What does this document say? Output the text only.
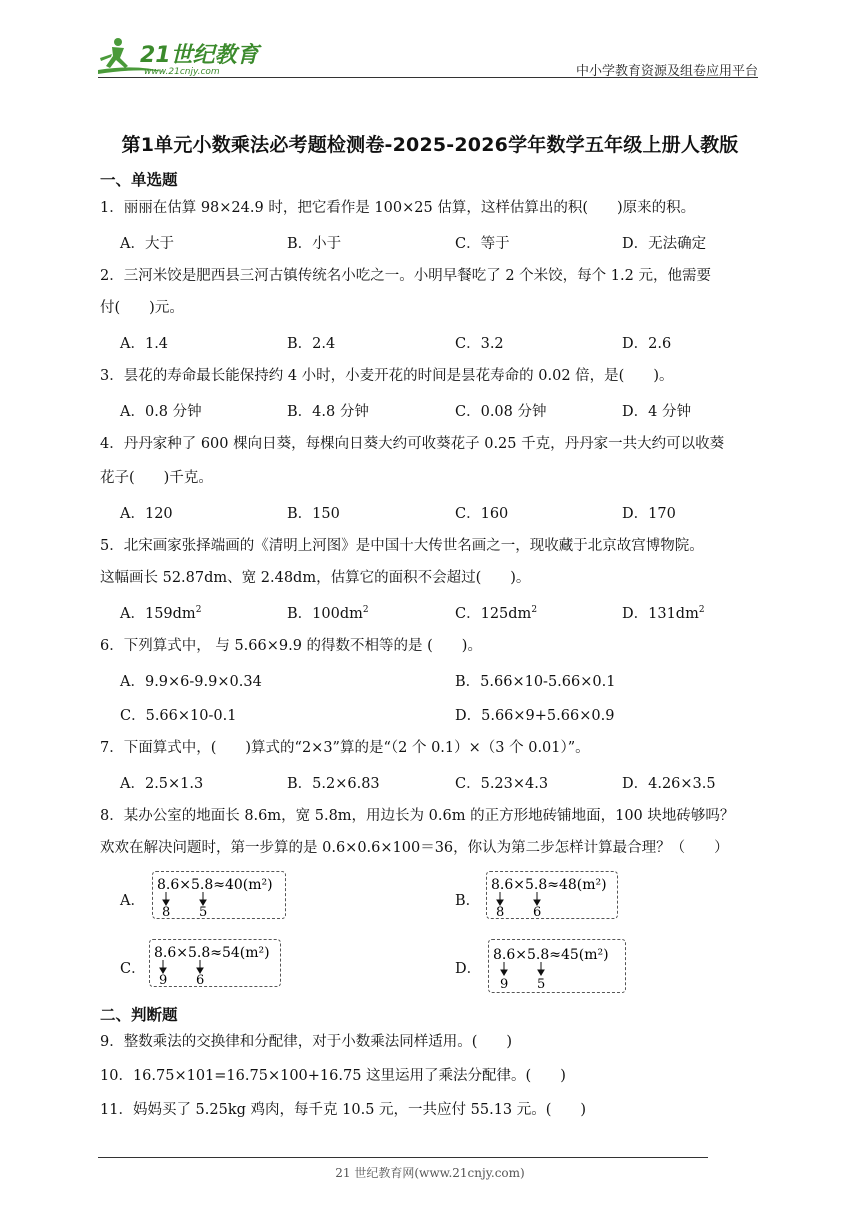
21世纪教育
www.21cnjy.com	中小学教育资源及组卷应用平台
第1单元小数乘法必考题检测卷-2025-2026学年数学五年级上册人教版
一、单选题
1．丽丽在估算 98×24.9 时，把它看作是 100×25 估算，这样估算出的积(　　)原来的积。
A．大于	B．小于	C．等于	D．无法确定
2．三河米饺是肥西县三河古镇传统名小吃之一。小明早餐吃了 2 个米饺，每个 1.2 元，他需要
付(　　)元。
A．1.4	B．2.4	C．3.2	D．2.6
3．昙花的寿命最长能保持约 4 小时，小麦开花的时间是昙花寿命的 0.02 倍，是(　　)。
A．0.8 分钟	B．4.8 分钟	C．0.08 分钟	D．4 分钟
4．丹丹家种了 600 棵向日葵，每棵向日葵大约可收葵花子 0.25 千克，丹丹家一共大约可以收葵
花子(　　)千克。
A．120	B．150	C．160	D．170
5．北宋画家张择端画的《清明上河图》是中国十大传世名画之一，现收藏于北京故宫博物院。
这幅画长 52.87dm、宽 2.48dm，估算它的面积不会超过(　　)。
A．$159dm^2$	B．$100dm^2$	C．$125dm^2$	D．$131dm^2$
6．下列算式中， 与 5.66×9.9 的得数不相等的是 (　　)。
A．9.9×6-9.9×0.34	B．5.66×10-5.66×0.1
C．5.66×10-0.1	D．5.66×9+5.66×0.9
7．下面算式中，(　　)算式的“2×3”算的是“（2 个 0.1）×（3 个 0.01）”。
A．2.5×1.3	B．5.2×6.83	C．5.23×4.3	D．4.26×3.5
8．某办公室的地面长 8.6m，宽 5.8m，用边长为 0.6m 的正方形地砖铺地面，100 块地砖够吗？
欢欢在解决问题时，第一步算的是 0.6×0.6×100＝36，你认为第二步怎样计算最合理？（　　）
A．
8.6×5.8≈40(m²)
8 5
B．
8.6×5.8≈48(m²)
8 6
C．
8.6×5.8≈54(m²)
9 6
D．
8.6×5.8≈45(m²)
9 5
二、判断题
9．整数乘法的交换律和分配律，对于小数乘法同样适用。(　　)
10．16.75×101=16.75×100+16.75 这里运用了乘法分配律。(　　)
11．妈妈买了 5.25kg 鸡肉，每千克 10.5 元，一共应付 55.13 元。(　　)
21 世纪教育网(www.21cnjy.com)
